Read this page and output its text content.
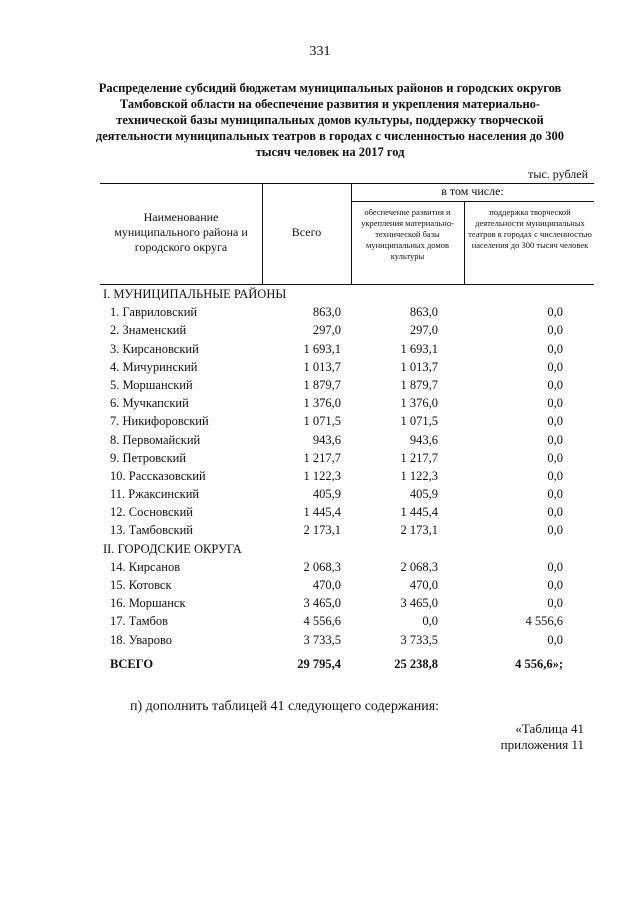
331
Распределение субсидий бюджетам муниципальных районов и городских округов Тамбовской области на обеспечение развития и укрепления материально-технической базы муниципальных домов культуры, поддержку творческой деятельности муниципальных театров в городах с численностью населения до 300 тысяч человек на 2017 год
тыс. рублей
Наименование муниципального района и городского округа
Всего
в том числе:
обеспечение развития и укрепления материально-технической базы муниципальных домов культуры
поддержка творческой деятельности муниципальных театров в городах с численностью населения до 300 тысяч человек
I. МУНИЦИПАЛЬНЫЕ РАЙОНЫ
1. Гавриловский	863,0	863,0	0,0
2. Знаменский	297,0	297,0	0,0
3. Кирсановский	1 693,1	1 693,1	0,0
4. Мичуринский	1 013,7	1 013,7	0,0
5. Моршанский	1 879,7	1 879,7	0,0
6. Мучкапский	1 376,0	1 376,0	0,0
7. Никифоровский	1 071,5	1 071,5	0,0
8. Первомайский	943,6	943,6	0,0
9. Петровский	1 217,7	1 217,7	0,0
10. Рассказовский	1 122,3	1 122,3	0,0
11. Ржаксинский	405,9	405,9	0,0
12. Сосновский	1 445,4	1 445,4	0,0
13. Тамбовский	2 173,1	2 173,1	0,0
II. ГОРОДСКИЕ ОКРУГА
14. Кирсанов	2 068,3	2 068,3	0,0
15. Котовск	470,0	470,0	0,0
16. Моршанск	3 465,0	3 465,0	0,0
17. Тамбов	4 556,6	0,0	4 556,6
18. Уварово	3 733,5	3 733,5	0,0
ВСЕГО	29 795,4	25 238,8	4 556,6»;
п) дополнить таблицей 41 следующего содержания:
«Таблица 41
приложения 11
